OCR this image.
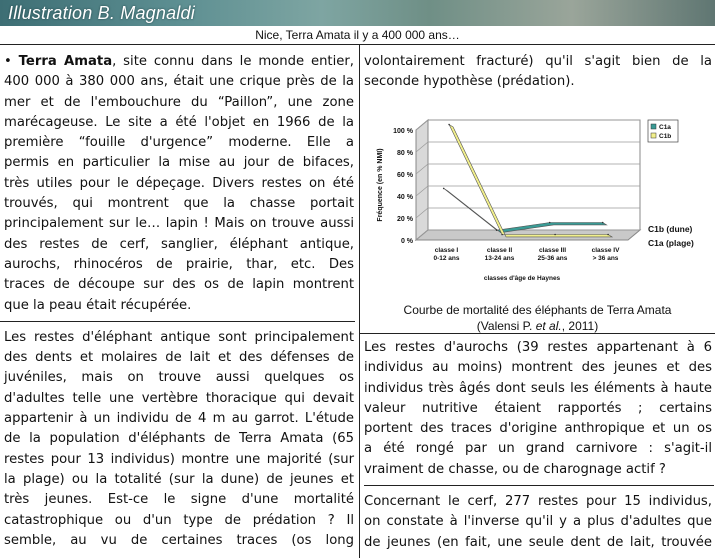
Illustration B. Magnaldi
Nice, Terra Amata il y a 400 000 ans…

• Terra Amata, site connu dans le monde entier,

400 000 à 380 000 ans, était une crique près de la

mer et de l'embouchure du “Paillon”, une zone

marécageuse. Le site a été l'objet en 1966 de la

première “fouille d'urgence” moderne. Elle a

permis en particulier la mise au jour de bifaces,

très utiles pour le dépeçage. Divers restes on été

trouvés, qui montrent que la chasse portait

principalement sur le… lapin ! Mais on trouve aussi

des restes de cerf, sanglier, éléphant antique,

aurochs, rhinocéros de prairie, thar, etc. Des

traces de découpe sur des os de lapin montrent

que la peau était récupérée.

Les restes d'éléphant antique sont principalement

des dents et molaires de lait et des défenses de

juvéniles, mais on trouve aussi quelques os

d'adultes telle une vertèbre thoracique qui devait

appartenir à un individu de 4 m au garrot. L'étude

de la population d'éléphants de Terra Amata (65

restes pour 13 individus) montre une majorité (sur

la plage) ou la totalité (sur la dune) de jeunes et

très jeunes. Est-ce le signe d'une mortalité

catastrophique ou d'un type de prédation ? Il

semble, au vu de certaines traces (os long

volontairement fracturé) qu'il s'agit bien de la

seconde hypothèse (prédation).

0 %
20 %
40 %
60 %
80 %
100 %
Fréquence (en % NMI)
C1a (plage)
C1b (dune)
classe I
0-12 ans
classe II
13-24 ans
classe III
25-36 ans
classe IV
> 36 ans
classes d'âge de Haynes
C1a
C1b
Courbe de mortalité des éléphants de Terra Amata
(Valensi P. et al., 2011)

Les restes d'aurochs (39 restes appartenant à 6

individus au moins) montrent des jeunes et des

individus très âgés dont seuls les éléments à haute

valeur nutritive étaient rapportés ; certains

portent des traces d'origine anthropique et un os

a été rongé par un grand carnivore : s'agit-il

vraiment de chasse, ou de charognage actif ?

Concernant le cerf, 277 restes pour 15 individus,

on constate à l'inverse qu'il y a plus d'adultes que

de jeunes (en fait, une seule dent de lait, trouvée
